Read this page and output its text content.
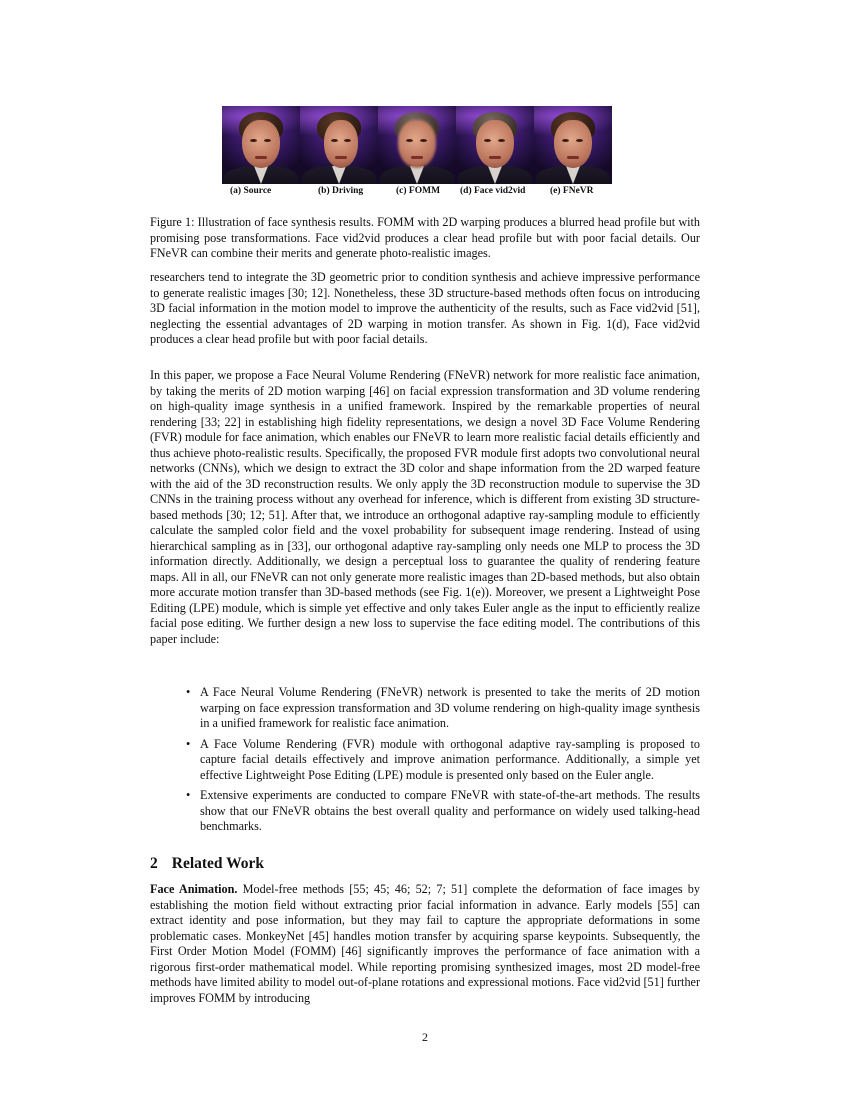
(a) Source	(b) Driving	(c) FOMM (d) Face vid2vid	(e) FNeVR

Figure 1: Illustration of face synthesis results. FOMM with 2D warping produces a blurred head profile but with promising pose transformations. Face vid2vid produces a clear head profile but with poor facial details. Our FNeVR can combine their merits and generate photo-realistic images.

researchers tend to integrate the 3D geometric prior to condition synthesis and achieve impressive performance to generate realistic images [30; 12]. Nonetheless, these 3D structure-based methods often focus on introducing 3D facial information in the motion model to improve the authenticity of the results, such as Face vid2vid [51], neglecting the essential advantages of 2D warping in motion transfer. As shown in Fig. 1(d), Face vid2vid produces a clear head profile but with poor facial details.

In this paper, we propose a Face Neural Volume Rendering (FNeVR) network for more realistic face animation, by taking the merits of 2D motion warping [46] on facial expression transformation and 3D volume rendering on high-quality image synthesis in a unified framework. Inspired by the remarkable properties of neural rendering [33; 22] in establishing high fidelity representations, we design a novel 3D Face Volume Rendering (FVR) module for face animation, which enables our FNeVR to learn more realistic facial details efficiently and thus achieve photo-realistic results. Specifically, the proposed FVR module first adopts two convolutional neural networks (CNNs), which we design to extract the 3D color and shape information from the 2D warped feature with the aid of the 3D reconstruction results. We only apply the 3D reconstruction module to supervise the 3D CNNs in the training process without any overhead for inference, which is different from existing 3D structure-based methods [30; 12; 51]. After that, we introduce an orthogonal adaptive ray-sampling module to efficiently calculate the sampled color field and the voxel probability for subsequent image rendering. Instead of using hierarchical sampling as in [33], our orthogonal adaptive ray-sampling only needs one MLP to process the 3D information directly. Additionally, we design a perceptual loss to guarantee the quality of rendering feature maps. All in all, our FNeVR can not only generate more realistic images than 2D-based methods, but also obtain more accurate motion transfer than 3D-based methods (see Fig. 1(e)). Moreover, we present a Lightweight Pose Editing (LPE) module, which is simple yet effective and only takes Euler angle as the input to efficiently realize facial pose editing. We further design a new loss to supervise the face editing model. The contributions of this paper include:

• A Face Neural Volume Rendering (FNeVR) network is presented to take the merits of 2D motion warping on face expression transformation and 3D volume rendering on high-quality image synthesis in a unified framework for realistic face animation.
• A Face Volume Rendering (FVR) module with orthogonal adaptive ray-sampling is proposed to capture facial details effectively and improve animation performance. Additionally, a simple yet effective Lightweight Pose Editing (LPE) module is presented only based on the Euler angle.
• Extensive experiments are conducted to compare FNeVR with state-of-the-art methods. The results show that our FNeVR obtains the best overall quality and performance on widely used talking-head benchmarks.
2 Related Work

Face Animation. Model-free methods [55; 45; 46; 52; 7; 51] complete the deformation of face images by establishing the motion field without extracting prior facial information in advance. Early models [55] can extract identity and pose information, but they may fail to capture the appropriate deformations in some problematic cases. MonkeyNet [45] handles motion transfer by acquiring sparse keypoints. Subsequently, the First Order Motion Model (FOMM) [46] significantly improves the performance of face animation with a rigorous first-order mathematical model. While reporting promising synthesized images, most 2D model-free methods have limited ability to model out-of-plane rotations and expressional motions. Face vid2vid [51] further improves FOMM by introducing

2
